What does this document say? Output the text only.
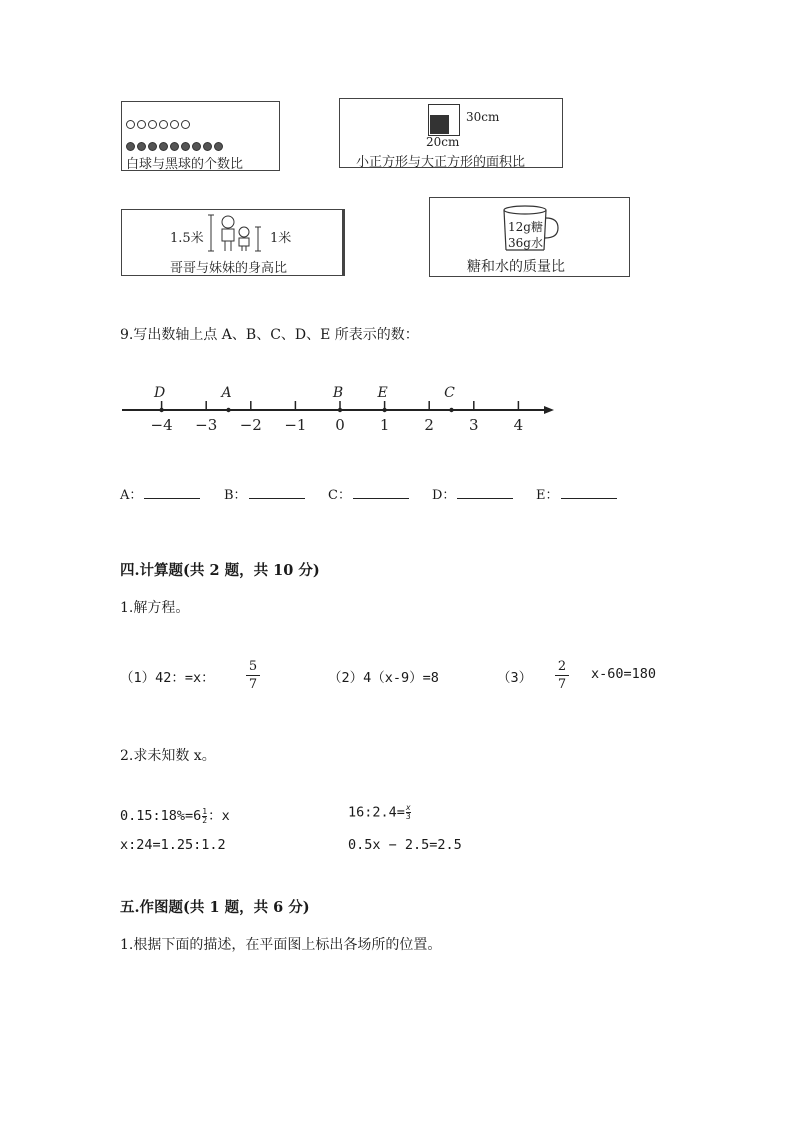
白球与黑球的个数比
30cm
20cm
小正方形与大正方形的面积比
1.5米	1米
哥哥与妹妹的身高比
12g糖
36g水
糖和水的质量比
9.写出数轴上点 A、B、C、D、E 所表示的数：
−4 −3 −2 −1 0 1 2 3 4
D	A	B E	C
A：	B：	C：	D：	E：
四.计算题(共 2 题，共 10 分)
1.解方程。
（1）42：=x：
5
7	（2）4（x-9）=8	（3）
2
7
x-60=180
2.求未知数 x。
$0.15:18\%=6\frac{1}{2}$：x	$16:2.4=\frac{x}{3}$
x:24=1.25:1.2	0.5x − 2.5=2.5
五.作图题(共 1 题，共 6 分)
1.根据下面的描述，在平面图上标出各场所的位置。
